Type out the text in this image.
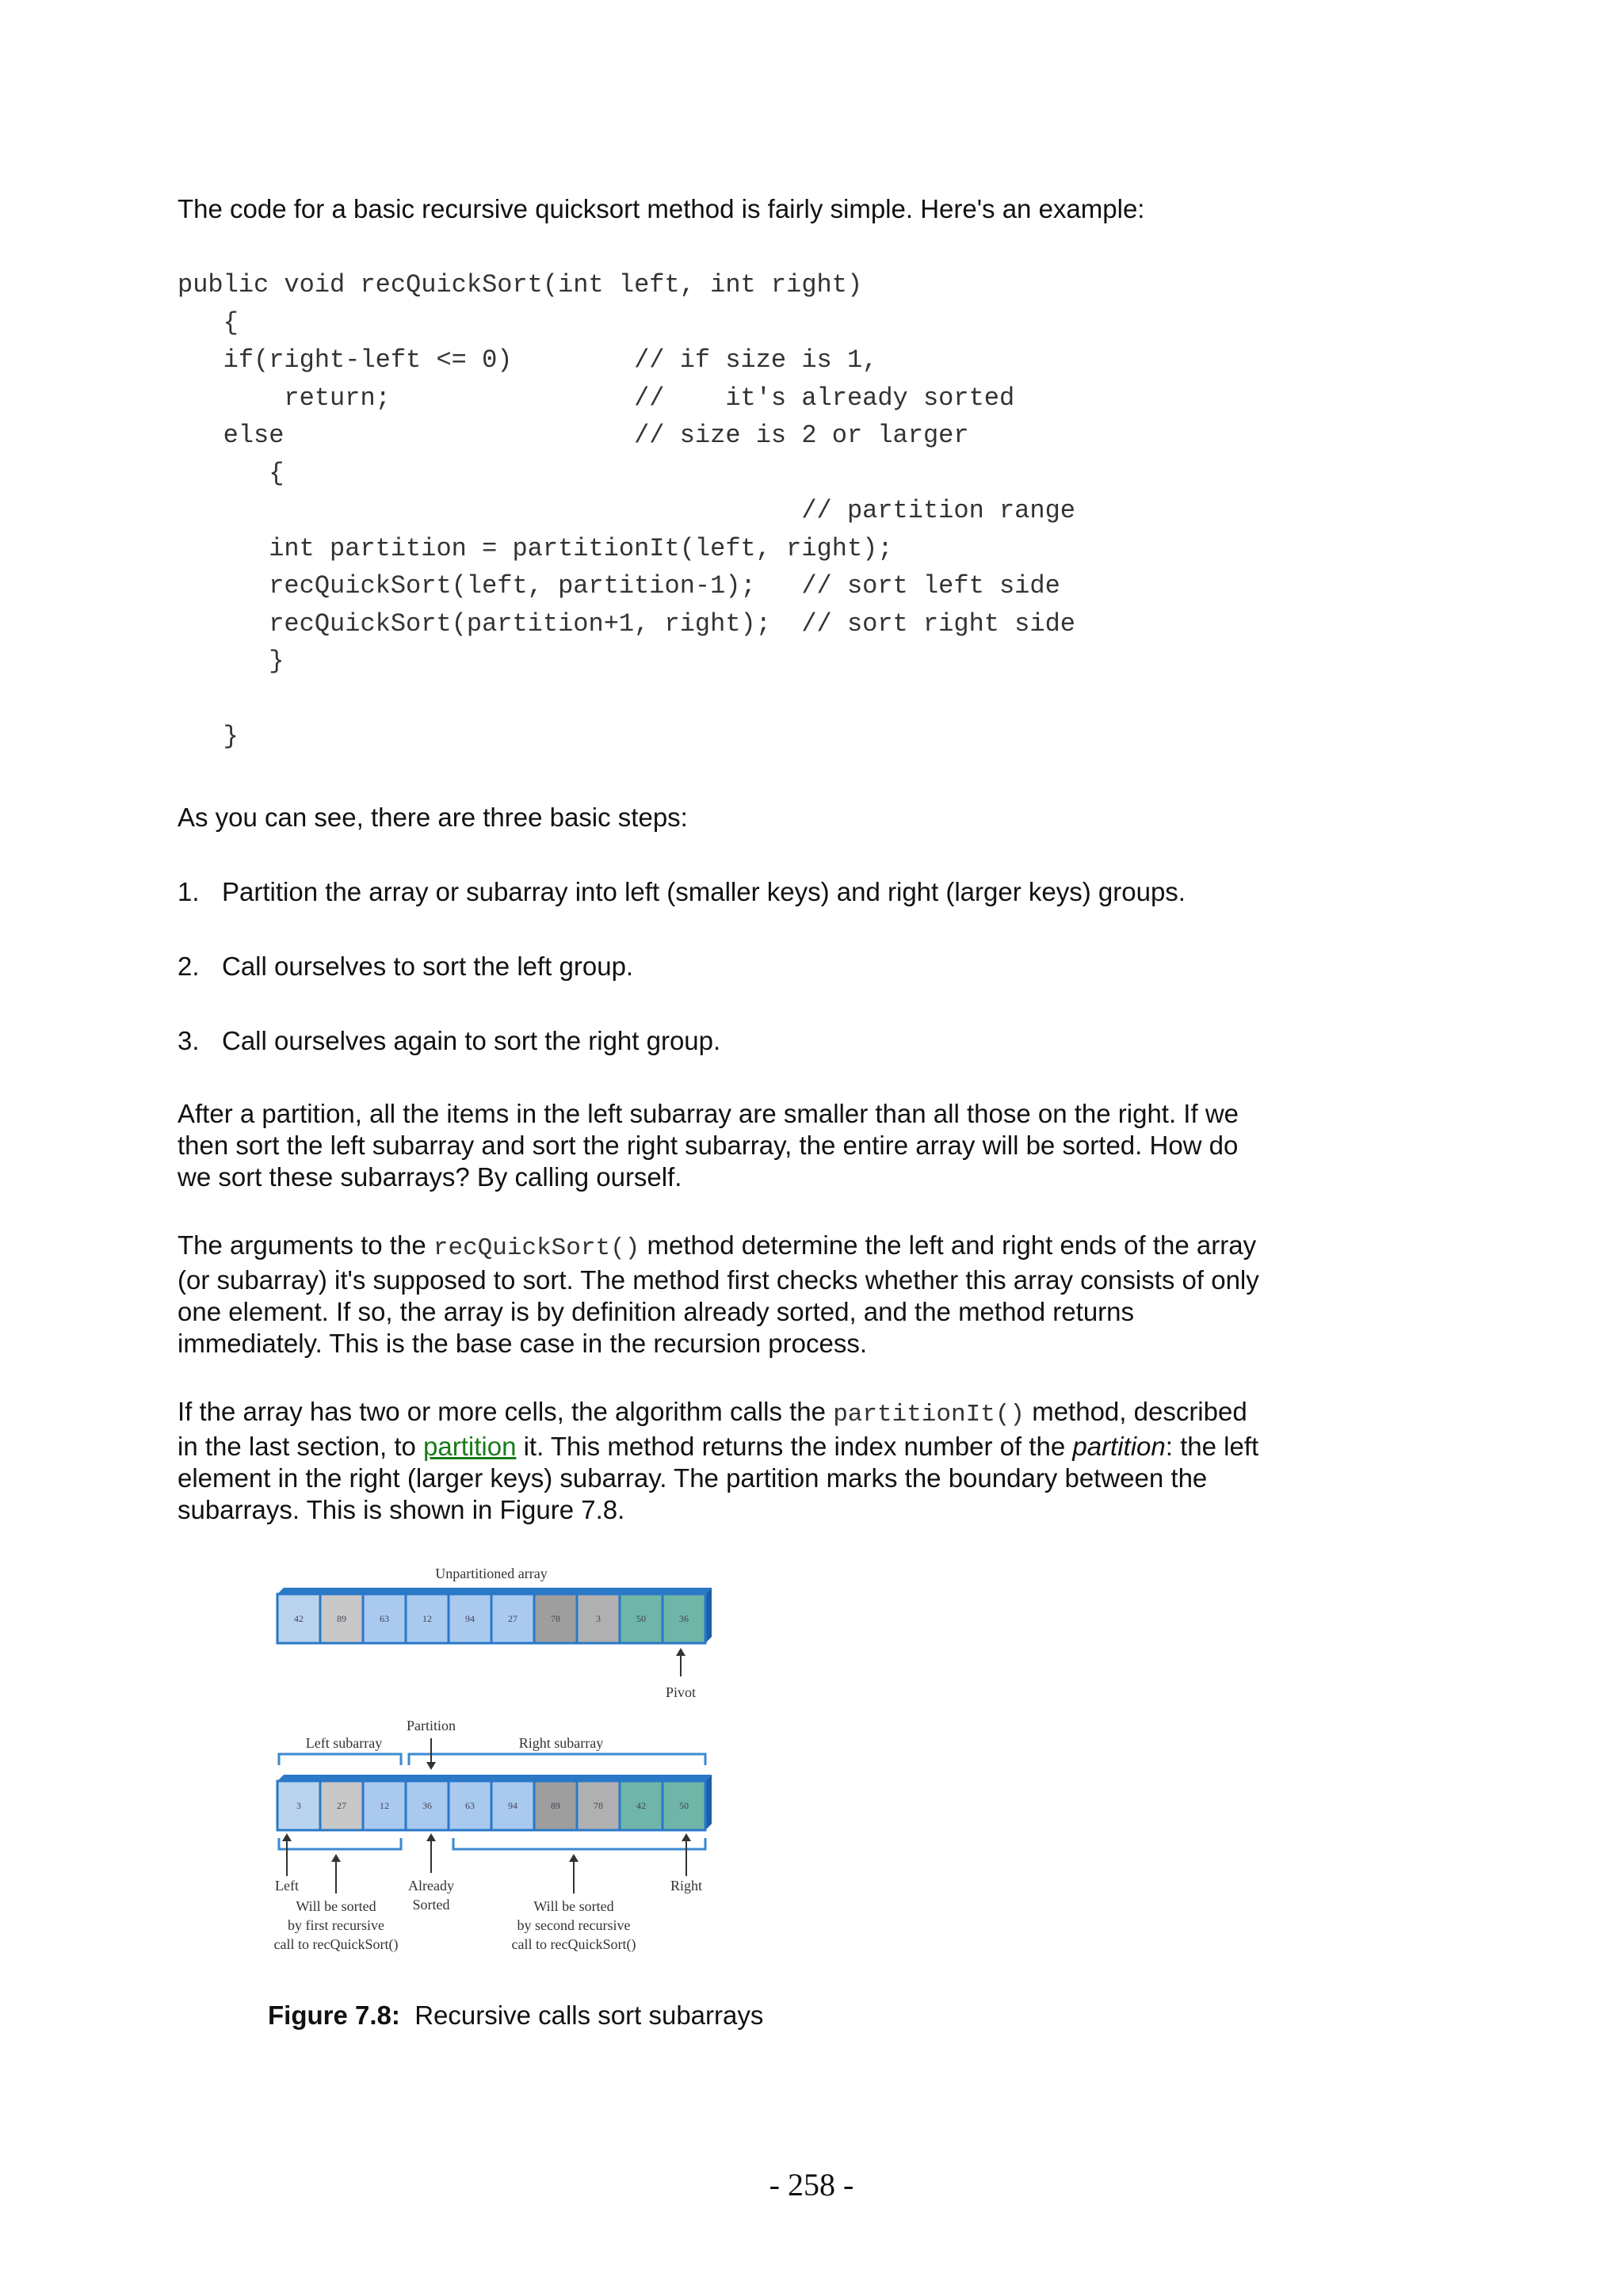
The code for a basic recursive quicksort method is fairly simple. Here's an example:

public void recQuickSort(int left, int right)
{
if(right-left <= 0)        // if size is 1,
return;                //    it's already sorted
else                       // size is 2 or larger
{
// partition range
int partition = partitionIt(left, right);
recQuickSort(left, partition-1);   // sort left side
recQuickSort(partition+1, right);  // sort right side
}

}

As you can see, there are three basic steps:

1. Partition the array or subarray into left (smaller keys) and right (larger keys) groups.
2. Call ourselves to sort the left group.
3. Call ourselves again to sort the right group.

After a partition, all the items in the left subarray are smaller than all those on the right. If we then sort the left subarray and sort the right subarray, the entire array will be sorted. How do we sort these subarrays? By calling ourself.

The arguments to the recQuickSort() method determine the left and right ends of the array (or subarray) it's supposed to sort. The method first checks whether this array consists of only one element. If so, the array is by definition already sorted, and the method returns immediately. This is the base case in the recursion process.

If the array has two or more cells, the algorithm calls the partitionIt() method, described in the last section, to partition it. This method returns the index number of the partition: the left element in the right (larger keys) subarray. The partition marks the boundary between the subarrays. This is shown in Figure 7.8.

Unpartitioned array
42	89	63	12	94	27	78	3	50	36
Pivot
Left subarray
Partition
Right subarray
3	27	12	36	63	94	89	78	42	50
Left	Already
Sorted
Right
Will be sorted
by first recursive
call to recQuickSort()
Will be sorted
by second recursive
call to recQuickSort()
Figure 7.8: Recursive calls sort subarrays
- 258 -
